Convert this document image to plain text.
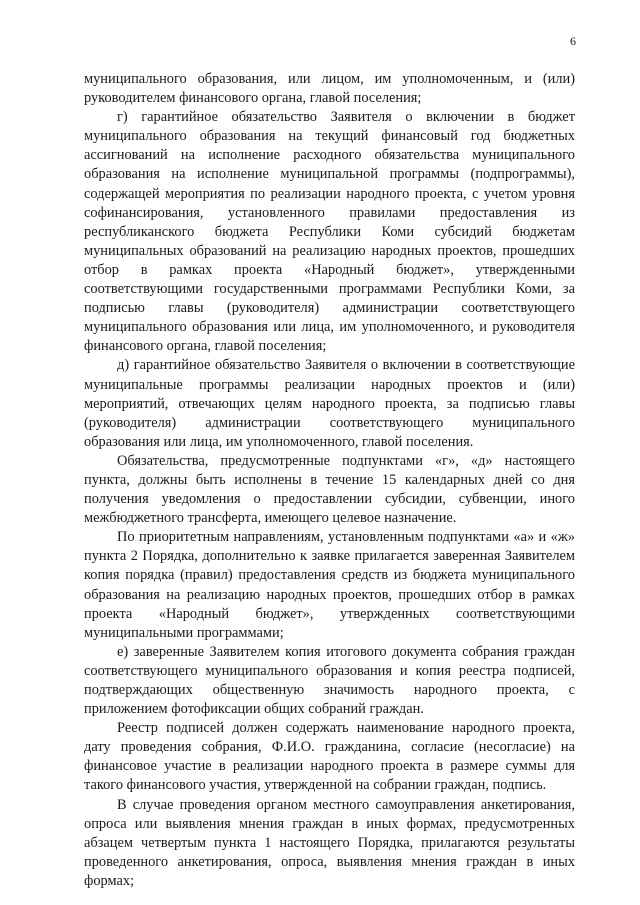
6

муниципального образования, или лицом, им уполномоченным, и (или) руководителем финансового органа, главой поселения;

г) гарантийное обязательство Заявителя о включении в бюджет муниципального образования на текущий финансовый год бюджетных ассигнований на исполнение расходного обязательства муниципального образования на исполнение муниципальной программы (подпрограммы), содержащей мероприятия по реализации народного проекта, с учетом уровня софинансирования, установленного правилами предоставления из республиканского бюджета Республики Коми субсидий бюджетам муниципальных образований на реализацию народных проектов, прошедших отбор в рамках проекта «Народный бюджет», утвержденными соответствующими государственными программами Республики Коми, за подписью главы (руководителя) администрации соответствующего муниципального образования или лица, им уполномоченного, и руководителя финансового органа, главой поселения;

д) гарантийное обязательство Заявителя о включении в соответствующие муниципальные программы реализации народных проектов и (или) мероприятий, отвечающих целям народного проекта, за подписью главы (руководителя) администрации соответствующего муниципального образования или лица, им уполномоченного, главой поселения.

Обязательства, предусмотренные подпунктами «г», «д» настоящего пункта, должны быть исполнены в течение 15 календарных дней со дня получения уведомления о предоставлении субсидии, субвенции, иного межбюджетного трансферта, имеющего целевое назначение.

По приоритетным направлениям, установленным подпунктами «а» и «ж» пункта 2 Порядка, дополнительно к заявке прилагается заверенная Заявителем копия порядка (правил) предоставления средств из бюджета муниципального образования на реализацию народных проектов, прошедших отбор в рамках проекта «Народный бюджет», утвержденных соответствующими муниципальными программами;

е) заверенные Заявителем копия итогового документа собрания граждан соответствующего муниципального образования и копия реестра подписей, подтверждающих общественную значимость народного проекта, с приложением фотофиксации общих собраний граждан.

Реестр подписей должен содержать наименование народного проекта, дату проведения собрания, Ф.И.О. гражданина, согласие (несогласие) на финансовое участие в реализации народного проекта в размере суммы для такого финансового участия, утвержденной на собрании граждан, подпись.

В случае проведения органом местного самоуправления анкетирования, опроса или выявления мнения граждан в иных формах, предусмотренных абзацем четвертым пункта 1 настоящего Порядка, прилагаются результаты проведенного анкетирования, опроса, выявления мнения граждан в иных формах;
